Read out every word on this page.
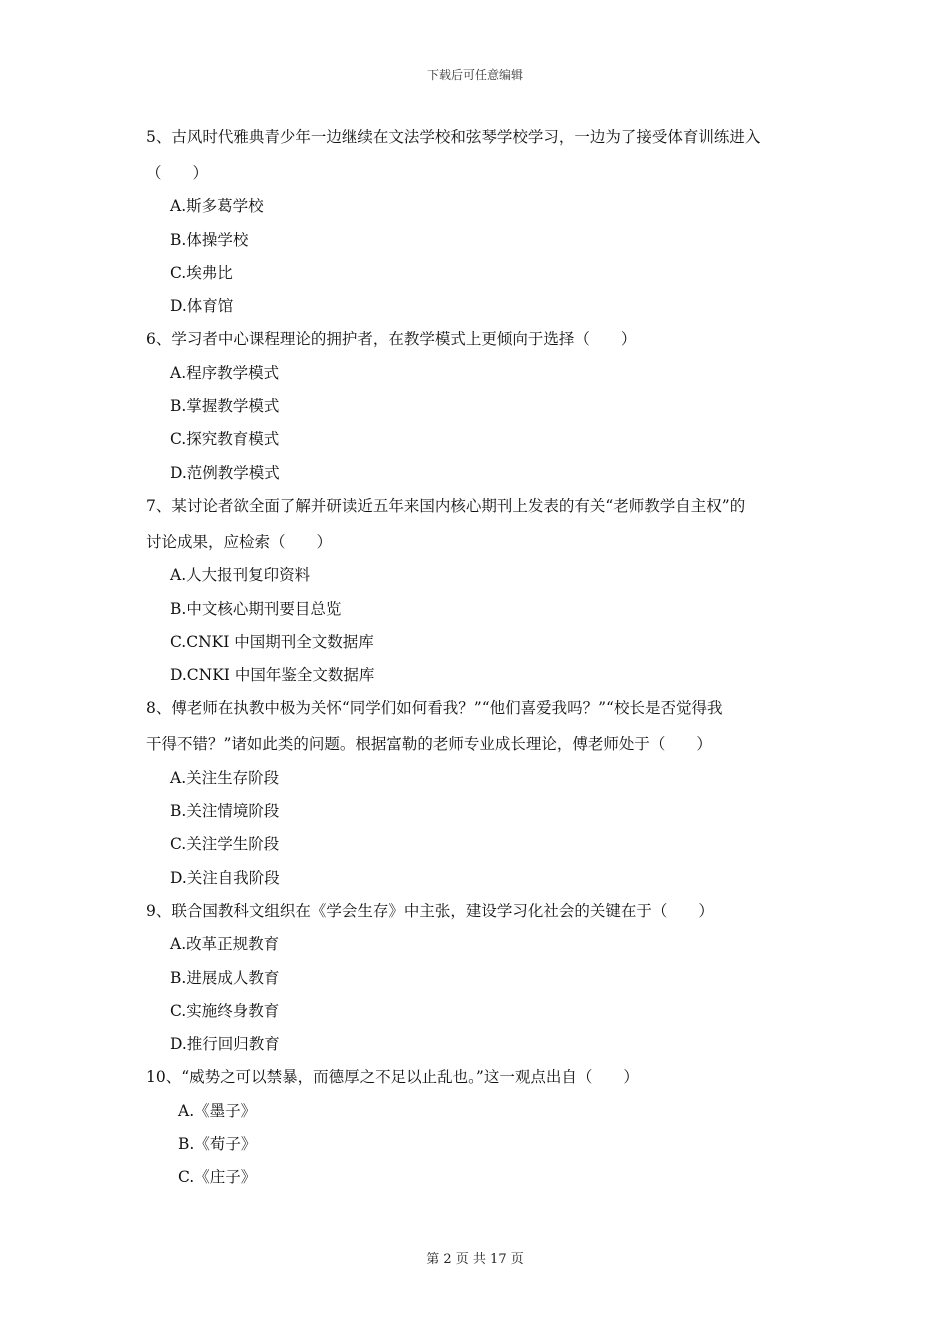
下载后可任意编辑
5、古风时代雅典青少年一边继续在文法学校和弦琴学校学习，一边为了接受体育训练进入
（　　）
A.斯多葛学校
B.体操学校
C.埃弗比
D.体育馆
6、学习者中心课程理论的拥护者，在教学模式上更倾向于选择（　　）
A.程序教学模式
B.掌握教学模式
C.探究教育模式
D.范例教学模式
7、某讨论者欲全面了解并研读近五年来国内核心期刊上发表的有关“老师教学自主权”的
讨论成果，应检索（　　）
A.人大报刊复印资料
B.中文核心期刊要目总览
C.CNKI 中国期刊全文数据库
D.CNKI 中国年鉴全文数据库
8、傅老师在执教中极为关怀“同学们如何看我？”“他们喜爱我吗？”“校长是否觉得我
干得不错？”诸如此类的问题。根据富勒的老师专业成长理论，傅老师处于（　　）
A.关注生存阶段
B.关注情境阶段
C.关注学生阶段
D.关注自我阶段
9、联合国教科文组织在《学会生存》中主张，建设学习化社会的关键在于（　　）
A.改革正规教育
B.进展成人教育
C.实施终身教育
D.推行回归教育
10、“威势之可以禁暴，而德厚之不足以止乱也。”这一观点出自（　　）
A.《墨子》
B.《荀子》
C.《庄子》
第 2 页 共 17 页
